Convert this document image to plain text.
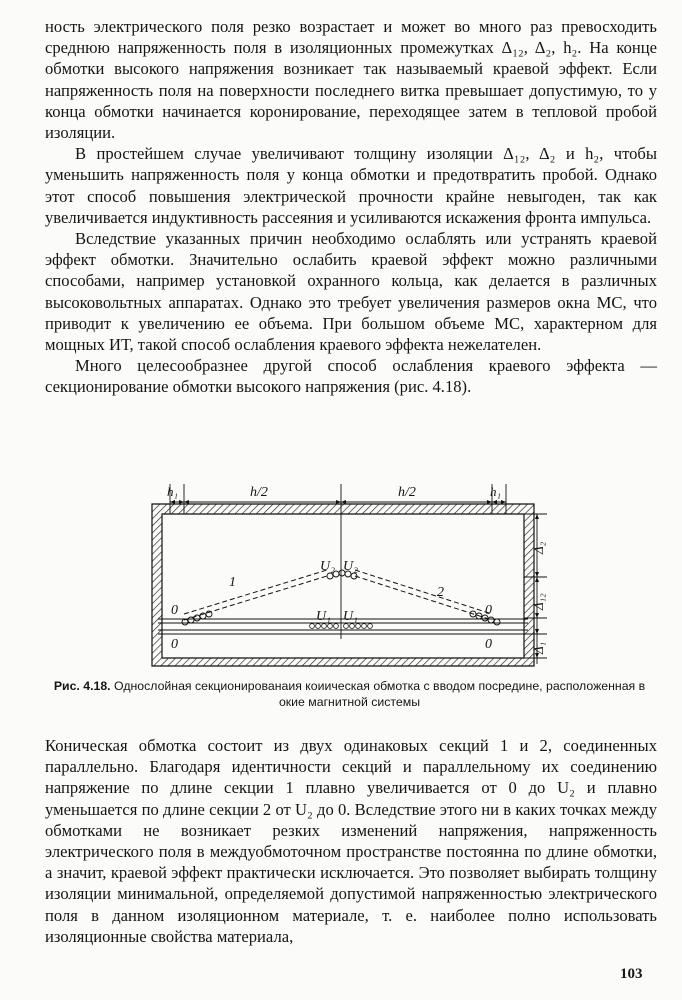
ность электрического поля резко возрастает и может во много раз превосходить среднюю напряженность поля в изоляционных промежутках Δ₁₂, Δ₂, h₂. На конце обмотки высокого напряжения возникает так называемый краевой эффект. Если напряженность поля на поверхности последнего витка превышает допустимую, то у конца обмотки начинается коронирование, переходящее затем в тепловой пробой изоляции.

В простейшем случае увеличивают толщину изоляции Δ₁₂, Δ₂ и h₂, чтобы уменьшить напряженность поля у конца обмотки и предотвратить пробой. Однако этот способ повышения электрической прочности крайне невыгоден, так как увеличивается индуктивность рассеяния и усиливаются искажения фронта импульса.

Вследствие указанных причин необходимо ослаблять или устранять краевой эффект обмотки. Значительно ослабить краевой эффект можно различными способами, например установкой охранного кольца, как делается в различных высоковольтных аппаратах. Однако это требует увеличения размеров окна МС, что приводит к увеличению ее объема. При большом объеме МС, характерном для мощных ИТ, такой способ ослабления краевого эффекта нежелателен.

Много целесообразнее другой способ ослабления краевого эффекта — секционирование обмотки высокого напряжения (рис. 4.18).

h₁	h/2	h/2	h₁
Δ₂
Δ₁₂
Δ₁
U₂ U₂
U₁ U₁
1
2
0
0
0
0
Рис. 4.18. Однослойная секционированаия коиическая обмотка с вводом посредине, расположенная в окие магнитной системы

Коническая обмотка состоит из двух одинаковых секций 1 и 2, соединенных параллельно. Благодаря идентичности секций и параллельному их соединению напряжение по длине секции 1 плавно увеличивается от 0 до U₂ и плавно уменьшается по длине секции 2 от U₂ до 0. Вследствие этого ни в каких точках между обмотками не возникает резких изменений напряжения, напряженность электрического поля в междуобмоточном пространстве постоянна по длине обмотки, а значит, краевой эффект практически исключается. Это позволяет выбирать толщину изоляции минимальной, определяемой допустимой напряженностью электрического поля в данном изоляционном материале, т. е. наиболее полно использовать изоляционные свойства материала,

103
